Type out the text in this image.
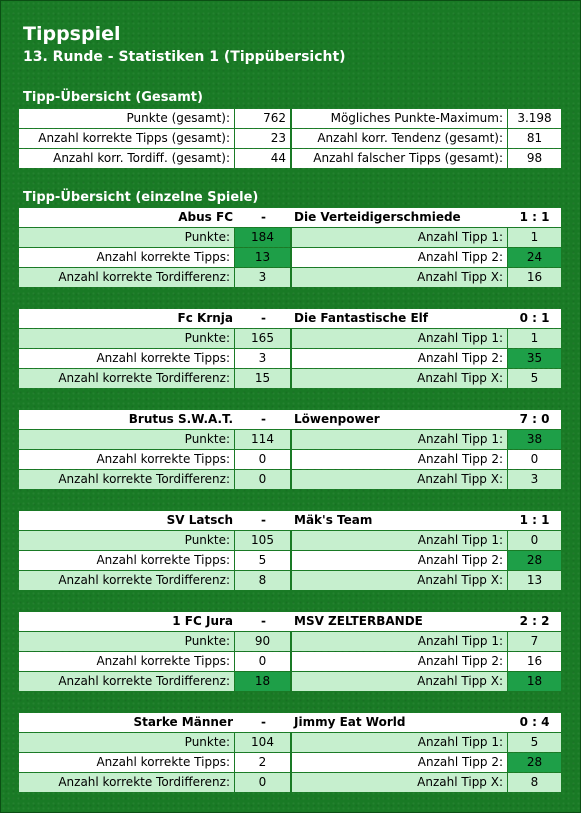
Tippspiel
13. Runde - Statistiken 1 (Tippübersicht)
Tipp-Übersicht (Gesamt)
Punkte (gesamt):	762	Mögliches Punkte-Maximum:	3.198
Anzahl korrekte Tipps (gesamt):	23	Anzahl korr. Tendenz (gesamt):	81
Anzahl korr. Tordiff. (gesamt):	44	Anzahl falscher Tipps (gesamt):	98
Tipp-Übersicht (einzelne Spiele)
Abus FC	-	Die Verteidigerschmiede	1 : 1
Punkte:	184	Anzahl Tipp 1:	1
Anzahl korrekte Tipps:	13	Anzahl Tipp 2:	24
Anzahl korrekte Tordifferenz:	3	Anzahl Tipp X:	16
Fc Krnja	-	Die Fantastische Elf	0 : 1
Punkte:	165	Anzahl Tipp 1:	1
Anzahl korrekte Tipps:	3	Anzahl Tipp 2:	35
Anzahl korrekte Tordifferenz:	15	Anzahl Tipp X:	5
Brutus S.W.A.T.	-	Löwenpower	7 : 0
Punkte:	114	Anzahl Tipp 1:	38
Anzahl korrekte Tipps:	0	Anzahl Tipp 2:	0
Anzahl korrekte Tordifferenz:	0	Anzahl Tipp X:	3
SV Latsch	-	Mäk's Team	1 : 1
Punkte:	105	Anzahl Tipp 1:	0
Anzahl korrekte Tipps:	5	Anzahl Tipp 2:	28
Anzahl korrekte Tordifferenz:	8	Anzahl Tipp X:	13
1 FC Jura	-	MSV ZELTERBANDE	2 : 2
Punkte:	90	Anzahl Tipp 1:	7
Anzahl korrekte Tipps:	0	Anzahl Tipp 2:	16
Anzahl korrekte Tordifferenz:	18	Anzahl Tipp X:	18
Starke Männer	-	Jimmy Eat World	0 : 4
Punkte:	104	Anzahl Tipp 1:	5
Anzahl korrekte Tipps:	2	Anzahl Tipp 2:	28
Anzahl korrekte Tordifferenz:	0	Anzahl Tipp X:	8
